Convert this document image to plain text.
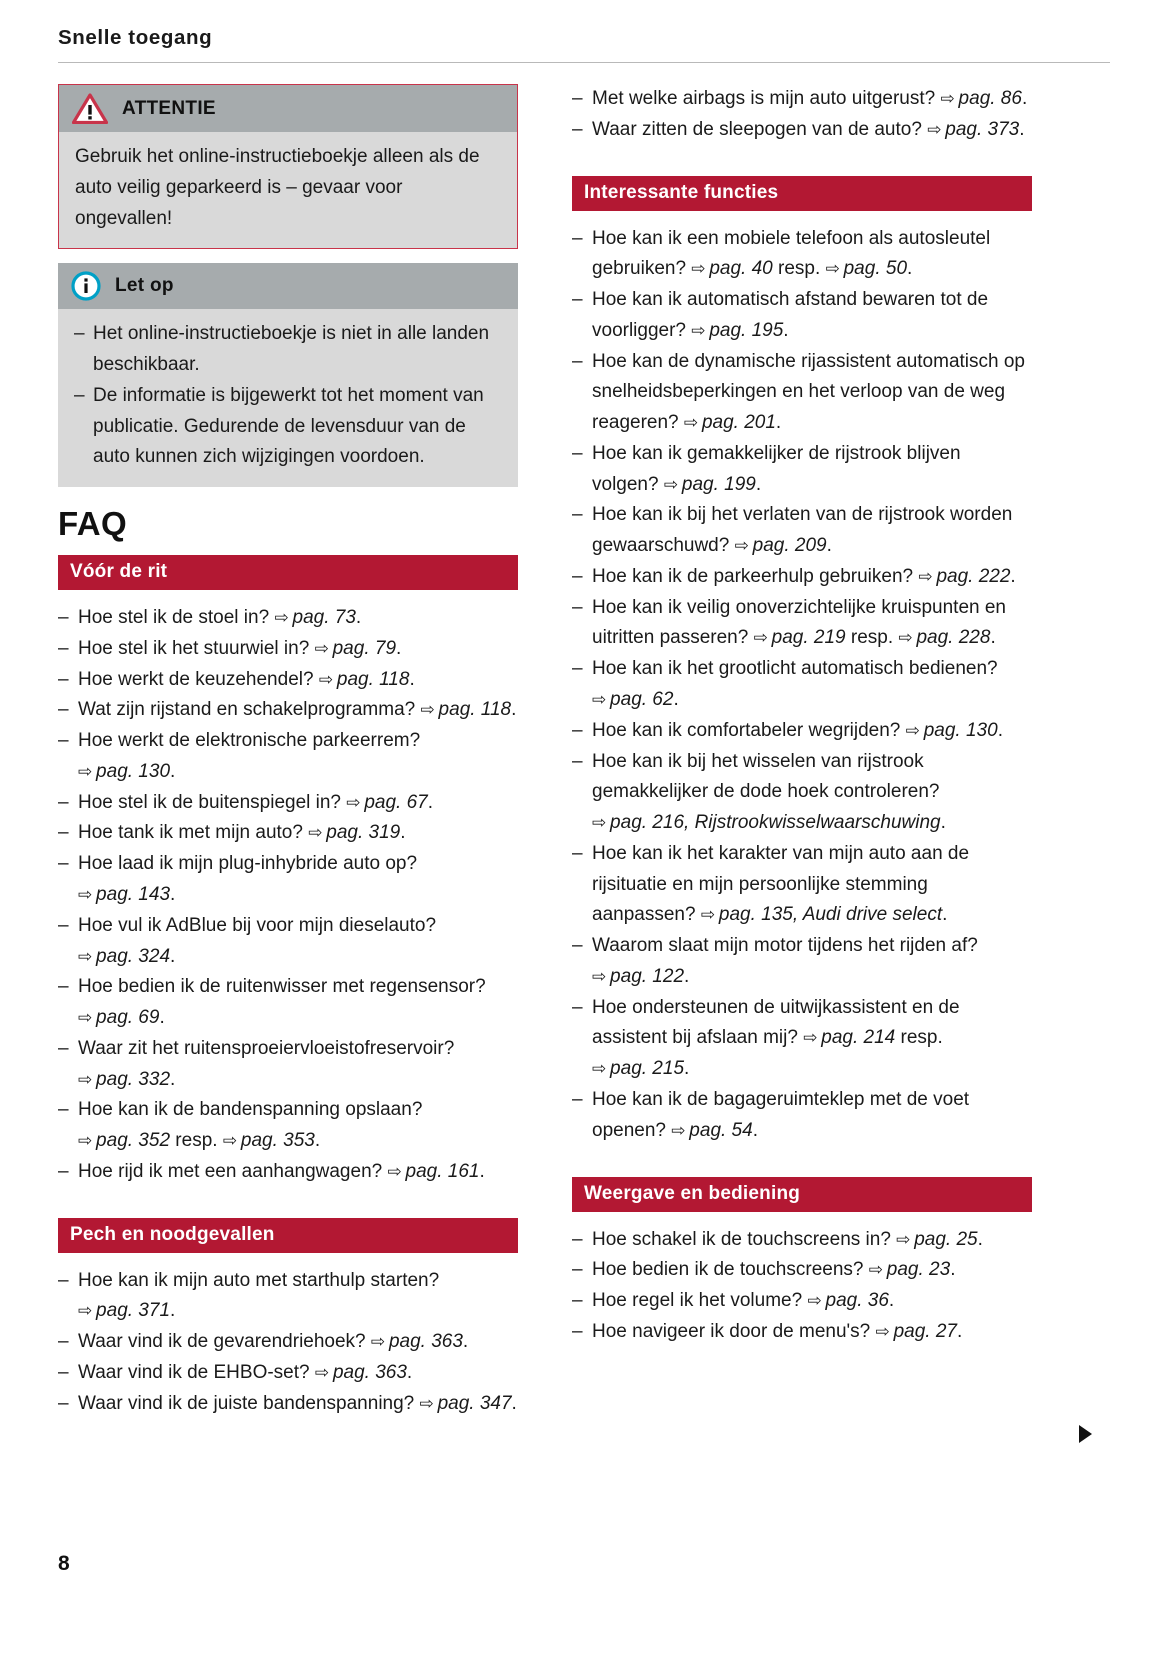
Snelle toegang
ATTENTIE

Gebruik het online-instructieboekje alleen als de auto veilig geparkeerd is – gevaar voor ongevallen!

Let op
– Het online-instructieboekje is niet in alle landen beschikbaar.
– De informatie is bijgewerkt tot het moment van publicatie. Gedurende de levensduur van de auto kunnen zich wijzigingen voordoen.
FAQ
Vóór de rit
– Hoe stel ik de stoel in? ⇨ pag. 73.
– Hoe stel ik het stuurwiel in? ⇨ pag. 79.
– Hoe werkt de keuzehendel? ⇨ pag. 118.
– Wat zijn rijstand en schakelprogramma? ⇨ pag. 118.
– Hoe werkt de elektronische parkeerrem? ⇨ pag. 130.
– Hoe stel ik de buitenspiegel in? ⇨ pag. 67.
– Hoe tank ik met mijn auto? ⇨ pag. 319.
– Hoe laad ik mijn plug-inhybride auto op? ⇨ pag. 143.
– Hoe vul ik AdBlue bij voor mijn dieselauto? ⇨ pag. 324.
– Hoe bedien ik de ruitenwisser met regensensor? ⇨ pag. 69.
– Waar zit het ruitensproeiervloeistofreservoir? ⇨ pag. 332.
– Hoe kan ik de bandenspanning opslaan? ⇨ pag. 352 resp. ⇨ pag. 353.
– Hoe rijd ik met een aanhangwagen? ⇨ pag. 161.
Pech en noodgevallen
– Hoe kan ik mijn auto met starthulp starten? ⇨ pag. 371.
– Waar vind ik de gevarendriehoek? ⇨ pag. 363.
– Waar vind ik de EHBO-set? ⇨ pag. 363.
– Waar vind ik de juiste bandenspanning? ⇨ pag. 347.
– Met welke airbags is mijn auto uitgerust? ⇨ pag. 86.
– Waar zitten de sleepogen van de auto? ⇨ pag. 373.
Interessante functies
– Hoe kan ik een mobiele telefoon als autosleutel gebruiken? ⇨ pag. 40 resp. ⇨ pag. 50.
– Hoe kan ik automatisch afstand bewaren tot de voorligger? ⇨ pag. 195.
– Hoe kan de dynamische rijassistent automatisch op snelheidsbeperkingen en het verloop van de weg reageren? ⇨ pag. 201.
– Hoe kan ik gemakkelijker de rijstrook blijven volgen? ⇨ pag. 199.
– Hoe kan ik bij het verlaten van de rijstrook worden gewaarschuwd? ⇨ pag. 209.
– Hoe kan ik de parkeerhulp gebruiken? ⇨ pag. 222.
– Hoe kan ik veilig onoverzichtelijke kruispunten en uitritten passeren? ⇨ pag. 219 resp. ⇨ pag. 228.
– Hoe kan ik het grootlicht automatisch bedienen? ⇨ pag. 62.
– Hoe kan ik comfortabeler wegrijden? ⇨ pag. 130.
– Hoe kan ik bij het wisselen van rijstrook gemakkelijker de dode hoek controleren? ⇨ pag. 216, Rijstrookwisselwaarschuwing.
– Hoe kan ik het karakter van mijn auto aan de rijsituatie en mijn persoonlijke stemming aanpassen? ⇨ pag. 135, Audi drive select.
– Waarom slaat mijn motor tijdens het rijden af? ⇨ pag. 122.
– Hoe ondersteunen de uitwijkassistent en de assistent bij afslaan mij? ⇨ pag. 214 resp. ⇨ pag. 215.
– Hoe kan ik de bagageruimteklep met de voet openen? ⇨ pag. 54.
Weergave en bediening
– Hoe schakel ik de touchscreens in? ⇨ pag. 25.
– Hoe bedien ik de touchscreens? ⇨ pag. 23.
– Hoe regel ik het volume? ⇨ pag. 36.
– Hoe navigeer ik door de menu's? ⇨ pag. 27.
8
